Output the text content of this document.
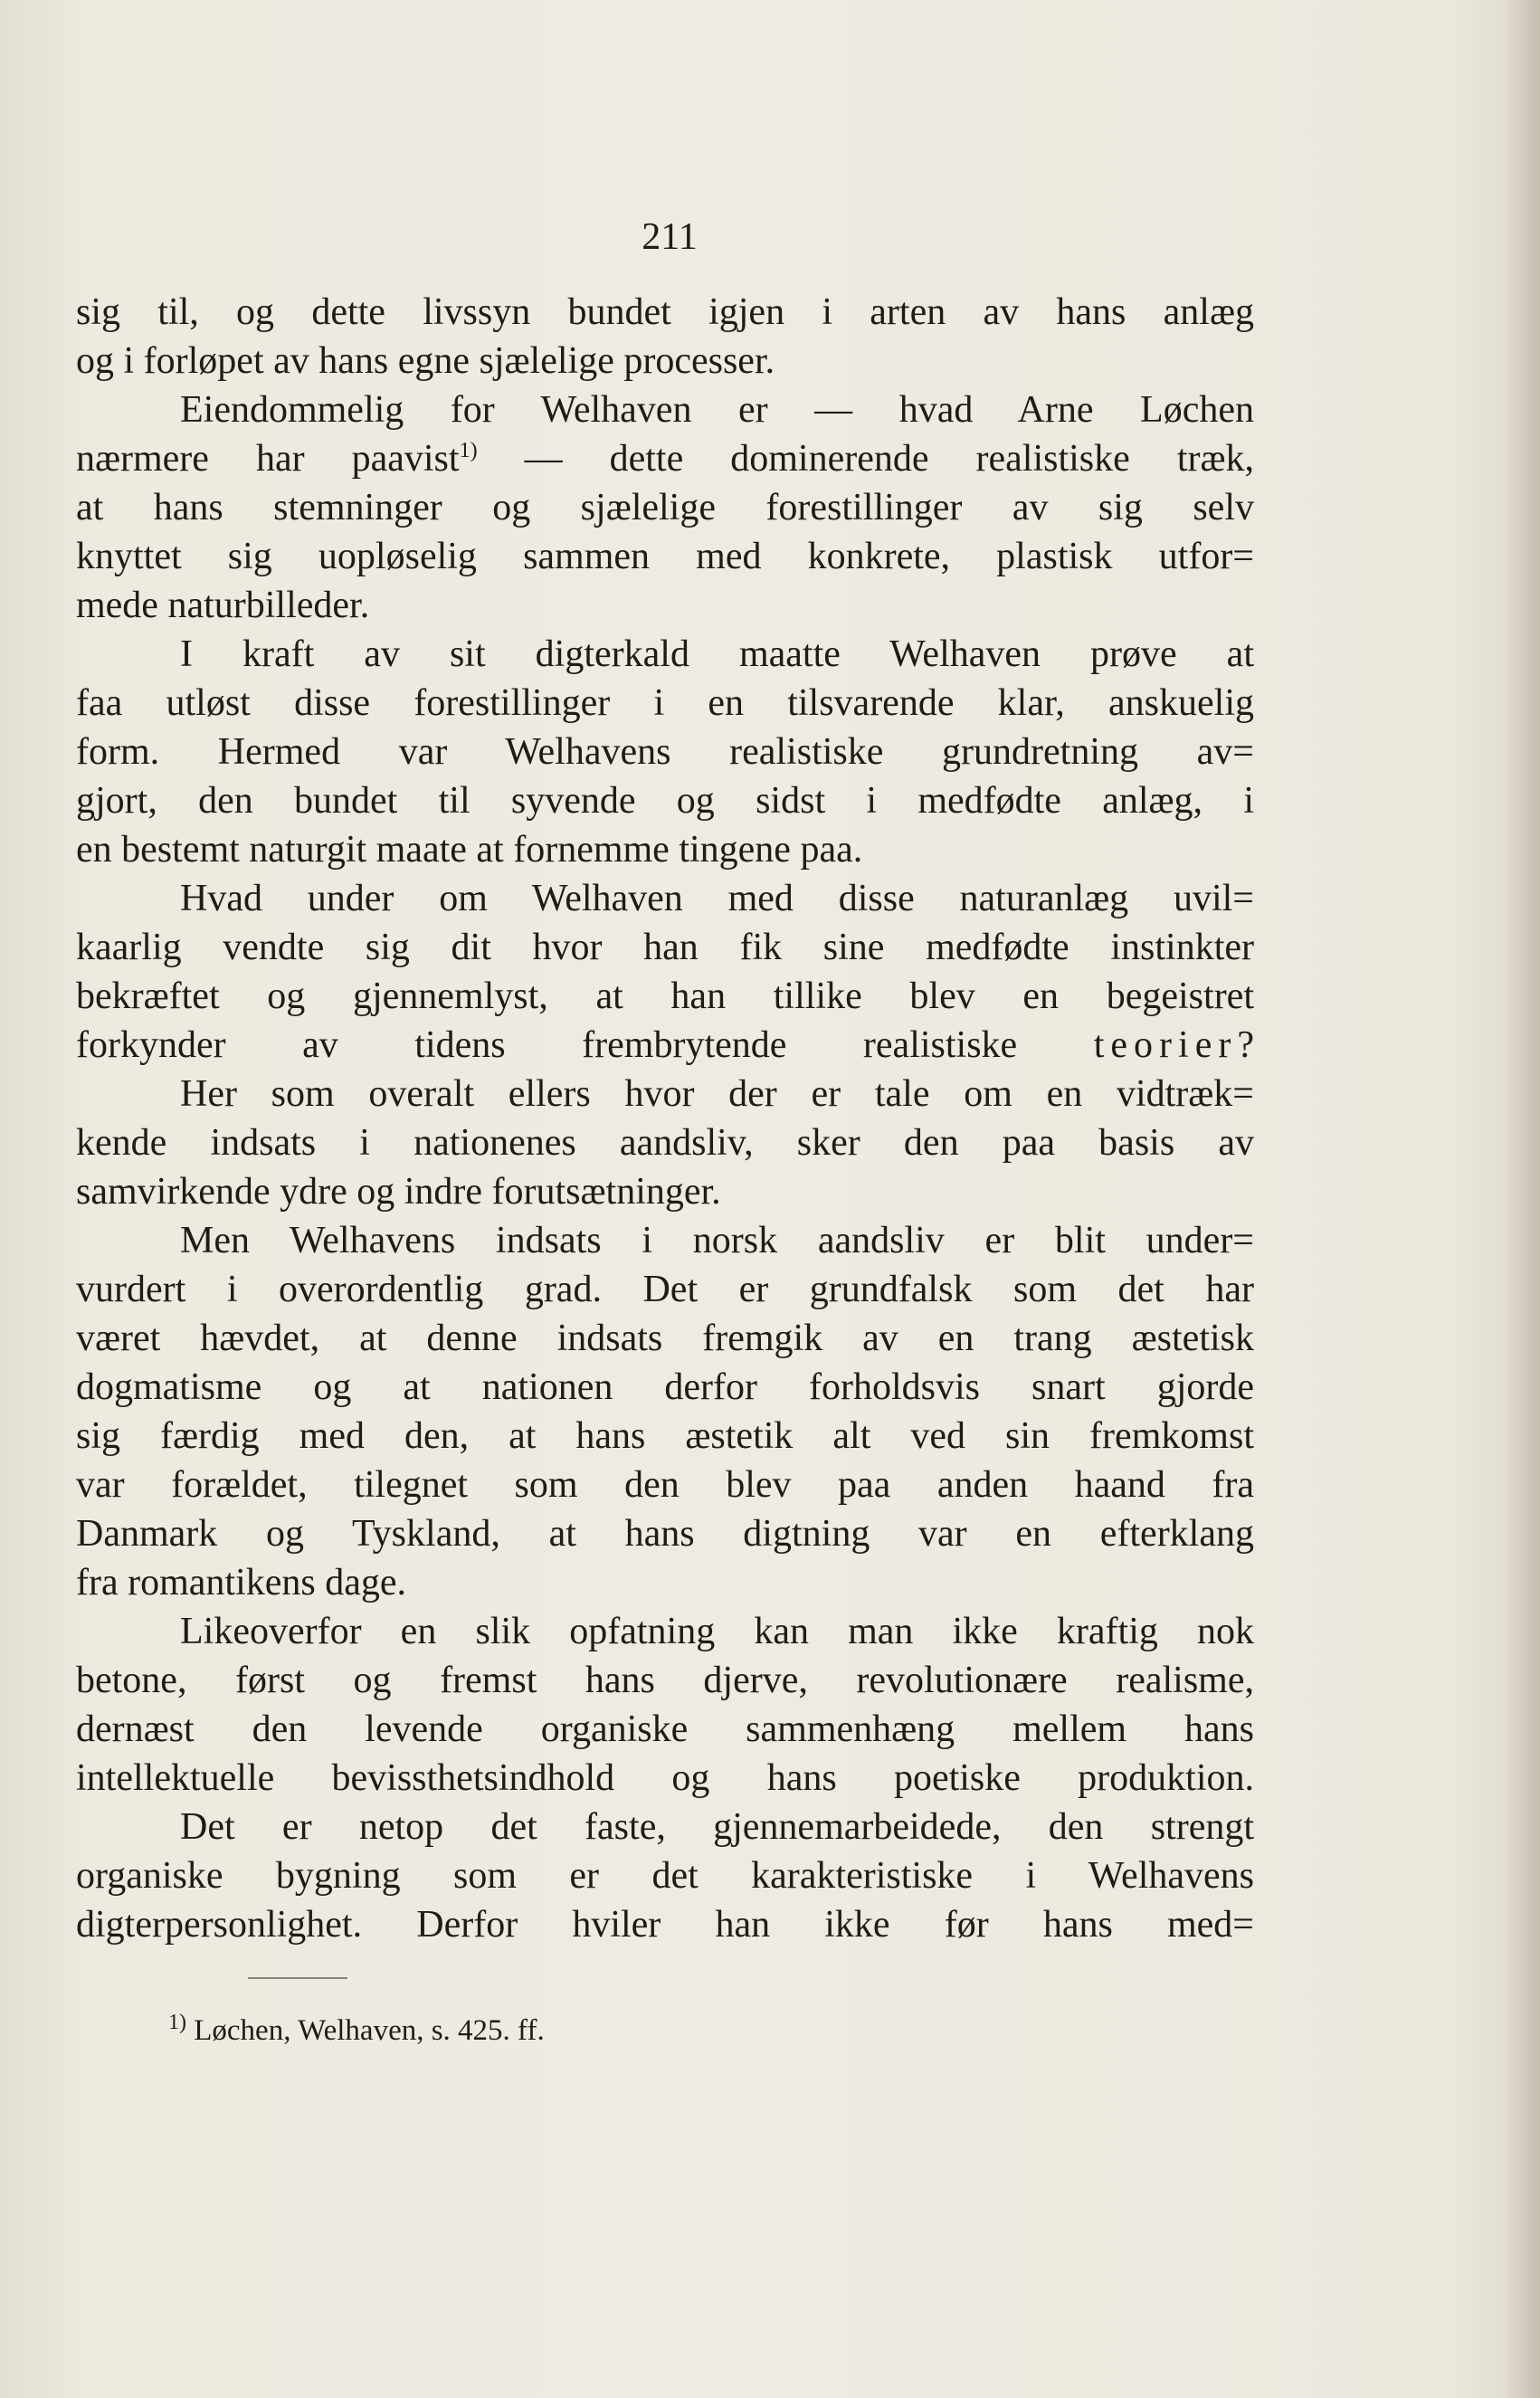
211
sig til, og dette livssyn bundet igjen i arten av hans anlæg
og i forløpet av hans egne sjælelige processer.
Eiendommelig for Welhaven er — hvad Arne Løchen
nærmere har paavist$^{1)}$ — dette dominerende realistiske træk,
at hans stemninger og sjælelige forestillinger av sig selv
knyttet sig uopløselig sammen med konkrete, plastisk utfor=
mede naturbilleder.
I kraft av sit digterkald maatte Welhaven prøve at
faa utløst disse forestillinger i en tilsvarende klar, anskuelig
form. Hermed var Welhavens realistiske grundretning av=
gjort, den bundet til syvende og sidst i medfødte anlæg, i
en bestemt naturgit maate at fornemme tingene paa.
Hvad under om Welhaven med disse naturanlæg uvil=
kaarlig vendte sig dit hvor han fik sine medfødte instinkter
bekræftet og gjennemlyst, at han tillike blev en begeistret
forkynder av tidens frembrytende realistiske teorier?
Her som overalt ellers hvor der er tale om en vidtræk=
kende indsats i nationenes aandsliv, sker den paa basis av
samvirkende ydre og indre forutsætninger.
Men Welhavens indsats i norsk aandsliv er blit under=
vurdert i overordentlig grad. Det er grundfalsk som det har
været hævdet, at denne indsats fremgik av en trang æstetisk
dogmatisme og at nationen derfor forholdsvis snart gjorde
sig færdig med den, at hans æstetik alt ved sin fremkomst
var forældet, tilegnet som den blev paa anden haand fra
Danmark og Tyskland, at hans digtning var en efterklang
fra romantikens dage.
Likeoverfor en slik opfatning kan man ikke kraftig nok
betone, først og fremst hans djerve, revolutionære realisme,
dernæst den levende organiske sammenhæng mellem hans
intellektuelle bevissthetsindhold og hans poetiske produktion.
Det er netop det faste, gjennemarbeidede, den strengt
organiske bygning som er det karakteristiske i Welhavens
digterpersonlighet. Derfor hviler han ikke før hans med=
$^{1)}$ Løchen, Welhaven, s. 425. ff.
